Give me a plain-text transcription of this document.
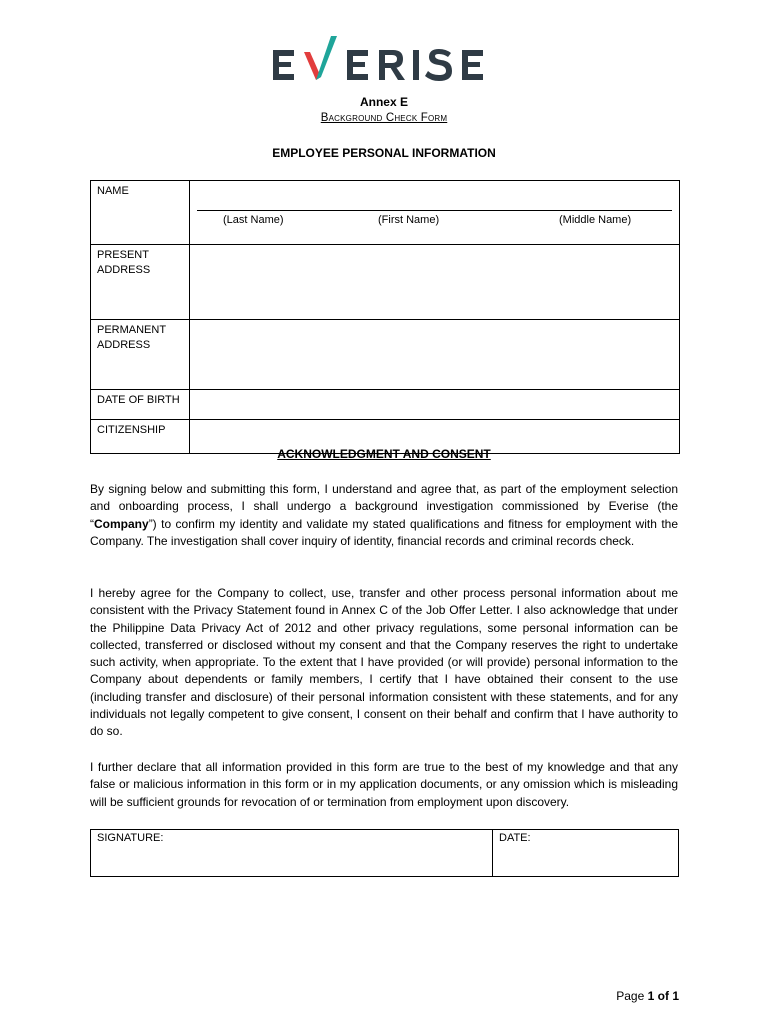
Annex E
Background Check Form
EMPLOYEE PERSONAL INFORMATION
NAME	(Last Name) (First Name) (Middle Name)

PRESENT ADDRESS	
PERMANENT ADDRESS	
DATE OF BIRTH	
CITIZENSHIP	
ACKNOWLEDGMENT AND CONSENT
By signing below and submitting this form, I understand and agree that, as part of the employment selection and onboarding process, I shall undergo a background investigation commissioned by Everise (the “Company”) to confirm my identity and validate my stated qualifications and fitness for employment with the Company. The investigation shall cover inquiry of identity, financial records and criminal records check.
I hereby agree for the Company to collect, use, transfer and other process personal information about me consistent with the Privacy Statement found in Annex C of the Job Offer Letter. I also acknowledge that under the Philippine Data Privacy Act of 2012 and other privacy regulations, some personal information can be collected, transferred or disclosed without my consent and that the Company reserves the right to undertake such activity, when appropriate. To the extent that I have provided (or will provide) personal information to the Company about dependents or family members, I certify that I have obtained their consent to the use (including transfer and disclosure) of their personal information consistent with these statements, and for any individuals not legally competent to give consent, I consent on their behalf and confirm that I have authority to do so.
I further declare that all information provided in this form are true to the best of my knowledge and that any false or malicious information in this form or in my application documents, or any omission which is misleading will be sufficient grounds for revocation of or termination from employment upon discovery.
SIGNATURE:	DATE:
Page 1 of 1
